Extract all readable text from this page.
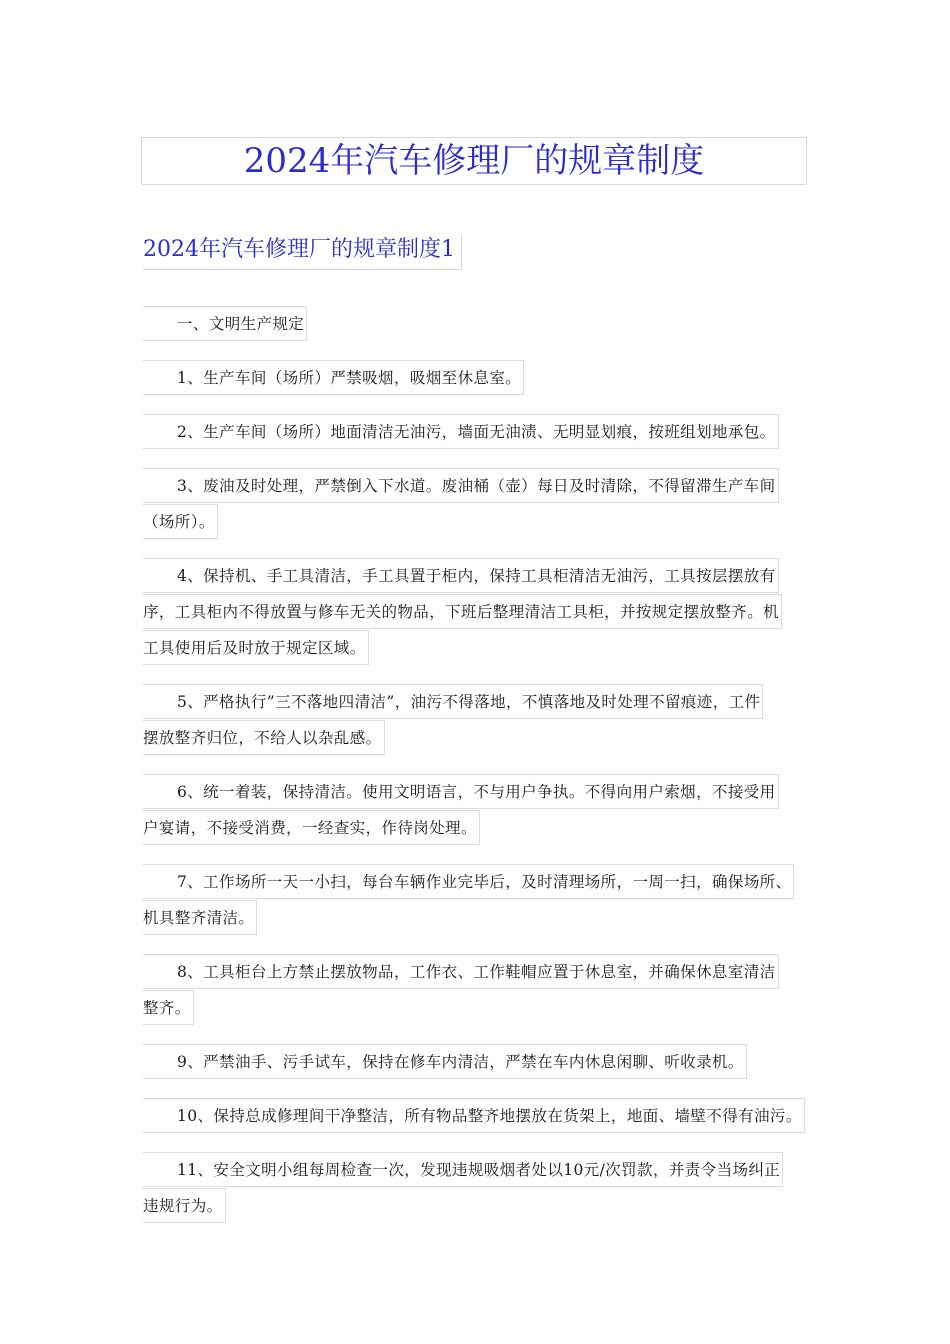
2024年汽车修理厂的规章制度
2024年汽车修理厂的规章制度1
一、文明生产规定
1、生产车间（场所）严禁吸烟，吸烟至休息室。
2、生产车间（场所）地面清洁无油污，墙面无油渍、无明显划痕，按班组划地承包。
3、废油及时处理，严禁倒入下水道。废油桶（壶）每日及时清除，不得留滞生产车间
（场所）。
4、保持机、手工具清洁，手工具置于柜内，保持工具柜清洁无油污，工具按层摆放有
序，工具柜内不得放置与修车无关的物品，下班后整理清洁工具柜，并按规定摆放整齐。机
工具使用后及时放于规定区域。
5、严格执行”三不落地四清洁”，油污不得落地，不慎落地及时处理不留痕迹，工件
摆放整齐归位，不给人以杂乱感。
6、统一着装，保持清洁。使用文明语言，不与用户争执。不得向用户索烟，不接受用
户宴请，不接受消费，一经查实，作待岗处理。
7、工作场所一天一小扫，每台车辆作业完毕后，及时清理场所，一周一扫，确保场所、
机具整齐清洁。
8、工具柜台上方禁止摆放物品，工作衣、工作鞋帽应置于休息室，并确保休息室清洁
整齐。
9、严禁油手、污手试车，保持在修车内清洁，严禁在车内休息闲聊、听收录机。
10、保持总成修理间干净整洁，所有物品整齐地摆放在货架上，地面、墙壁不得有油污。
11、安全文明小组每周检查一次，发现违规吸烟者处以10元/次罚款，并责令当场纠正
违规行为。
